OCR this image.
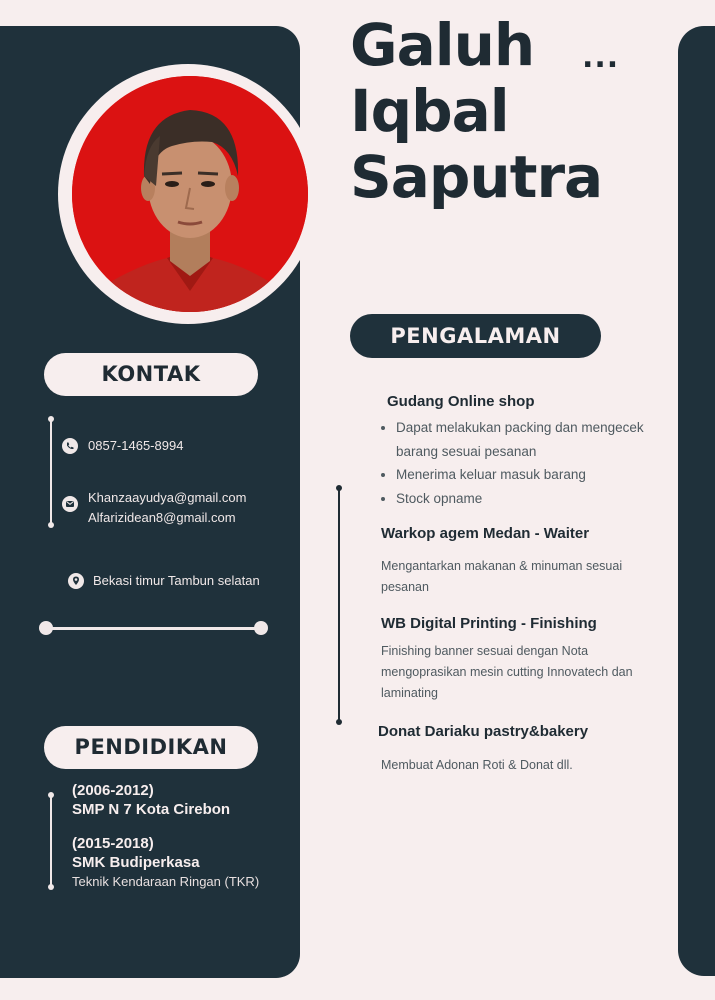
Galuh
Iqbal
Saputra
...
KONTAK
0857-1465-8994
Khanzaayudya@gmail.com
Alfarizidean8@gmail.com
Bekasi timur Tambun selatan
PENDIDIKAN
(2006-2012)
SMP N 7 Kota Cirebon
(2015-2018)
SMK Budiperkasa
Teknik Kendaraan Ringan (TKR)
PENGALAMAN
Gudang Online shop
• Dapat melakukan packing dan mengecek barang sesuai pesanan
• Menerima keluar masuk barang
• Stock opname
Warkop agem Medan - Waiter
Mengantarkan makanan & minuman sesuai pesanan
WB Digital Printing - Finishing
Finishing banner sesuai dengan Nota mengoprasikan mesin cutting Innovatech dan laminating
Donat Dariaku pastry&bakery
Membuat Adonan Roti & Donat dll.
